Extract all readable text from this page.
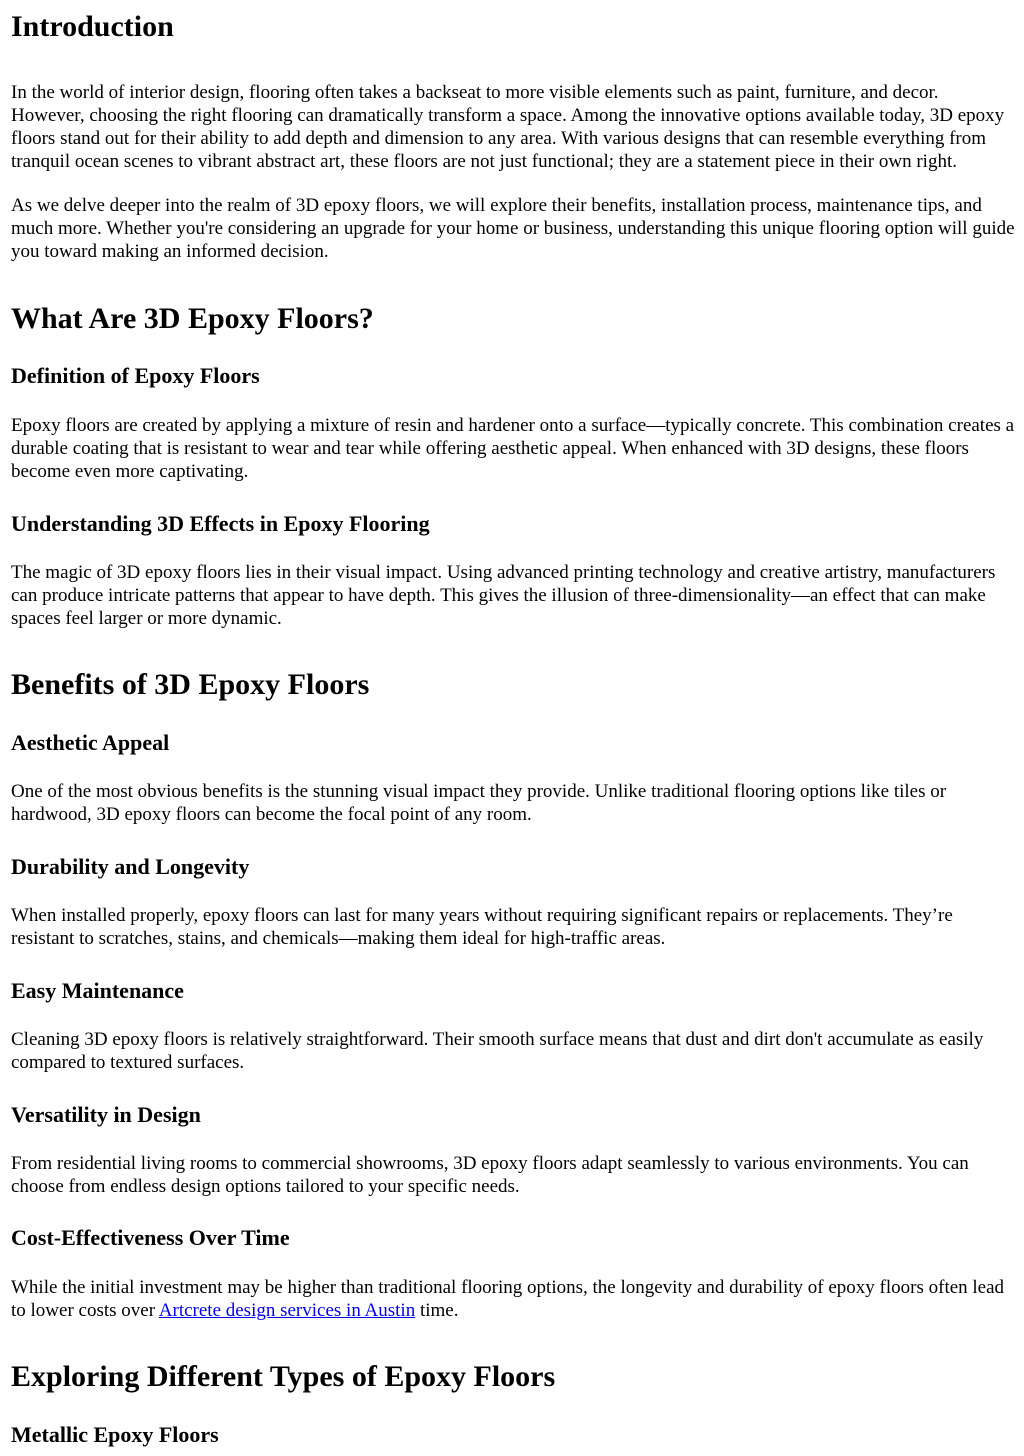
Introduction

In the world of interior design, flooring often takes a backseat to more visible elements such as paint, furniture, and decor. However, choosing the right flooring can dramatically transform a space. Among the innovative options available today, 3D epoxy floors stand out for their ability to add depth and dimension to any area. With various designs that can resemble everything from tranquil ocean scenes to vibrant abstract art, these floors are not just functional; they are a statement piece in their own right.

As we delve deeper into the realm of 3D epoxy floors, we will explore their benefits, installation process, maintenance tips, and much more. Whether you're considering an upgrade for your home or business, understanding this unique flooring option will guide you toward making an informed decision.

What Are 3D Epoxy Floors?
Definition of Epoxy Floors

Epoxy floors are created by applying a mixture of resin and hardener onto a surface—typically concrete. This combination creates a durable coating that is resistant to wear and tear while offering aesthetic appeal. When enhanced with 3D designs, these floors become even more captivating.

Understanding 3D Effects in Epoxy Flooring

The magic of 3D epoxy floors lies in their visual impact. Using advanced printing technology and creative artistry, manufacturers can produce intricate patterns that appear to have depth. This gives the illusion of three-dimensionality—an effect that can make spaces feel larger or more dynamic.

Benefits of 3D Epoxy Floors
Aesthetic Appeal

One of the most obvious benefits is the stunning visual impact they provide. Unlike traditional flooring options like tiles or hardwood, 3D epoxy floors can become the focal point of any room.

Durability and Longevity

When installed properly, epoxy floors can last for many years without requiring significant repairs or replacements. They’re resistant to scratches, stains, and chemicals—making them ideal for high-traffic areas.

Easy Maintenance

Cleaning 3D epoxy floors is relatively straightforward. Their smooth surface means that dust and dirt don't accumulate as easily compared to textured surfaces.

Versatility in Design

From residential living rooms to commercial showrooms, 3D epoxy floors adapt seamlessly to various environments. You can choose from endless design options tailored to your specific needs.

Cost-Effectiveness Over Time

While the initial investment may be higher than traditional flooring options, the longevity and durability of epoxy floors often lead to lower costs over Artcrete design services in Austin time.

Exploring Different Types of Epoxy Floors
Metallic Epoxy Floors
